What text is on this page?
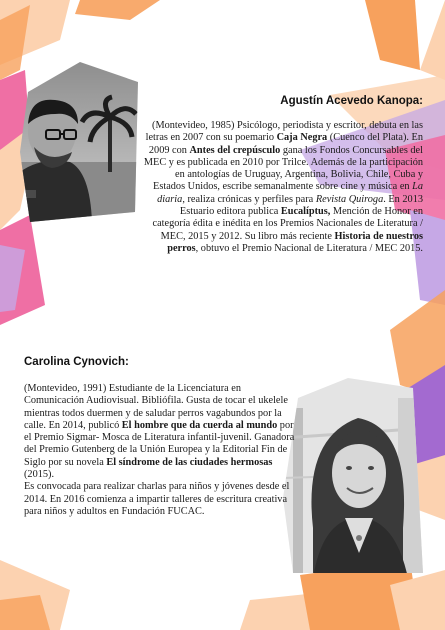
Agustín Acevedo Kanopa:

(Montevideo, 1985) Psicólogo, periodista y escritor, debuta en las letras en 2007 con su poemario Caja Negra (Cuenco del Plata). En 2009 con Antes del crepúsculo gana los Fondos Concursables del MEC y es publicada en 2010 por Trilce. Además de la participación en antologías de Uruguay, Argentina, Bolivia, Chile, Cuba y Estados Unidos, escribe semanalmente sobre cine y música en La diaria, realiza crónicas y perfiles para Revista Quiroga. En 2013 Estuario editora publica Eucalíptus, Mención de Honor en categoría édita e inédita en los Premios Nacionales de Literatura / MEC, 2015 y 2012. Su libro más reciente Historia de nuestros perros, obtuvo el Premio Nacional de Literatura / MEC 2015.

Carolina Cynovich:

(Montevideo, 1991) Estudiante de la Licenciatura en Comunicación Audiovisual. Bibliófila. Gusta de tocar el ukelele mientras todos duermen y de saludar perros vagabundos por la calle. En 2014, publicó El hombre que da cuerda al mundo por el Premio Sigmar- Mosca de Literatura infantil-juvenil. Ganadora del Premio Gutenberg de la Unión Europea y la Editorial Fin de Siglo por su novela El síndrome de las ciudades hermosas (2015).
Es convocada para realizar charlas para niños y jóvenes desde el 2014. En 2016 comienza a impartir talleres de escritura creativa para niños y adultos en Fundación FUCAC.
